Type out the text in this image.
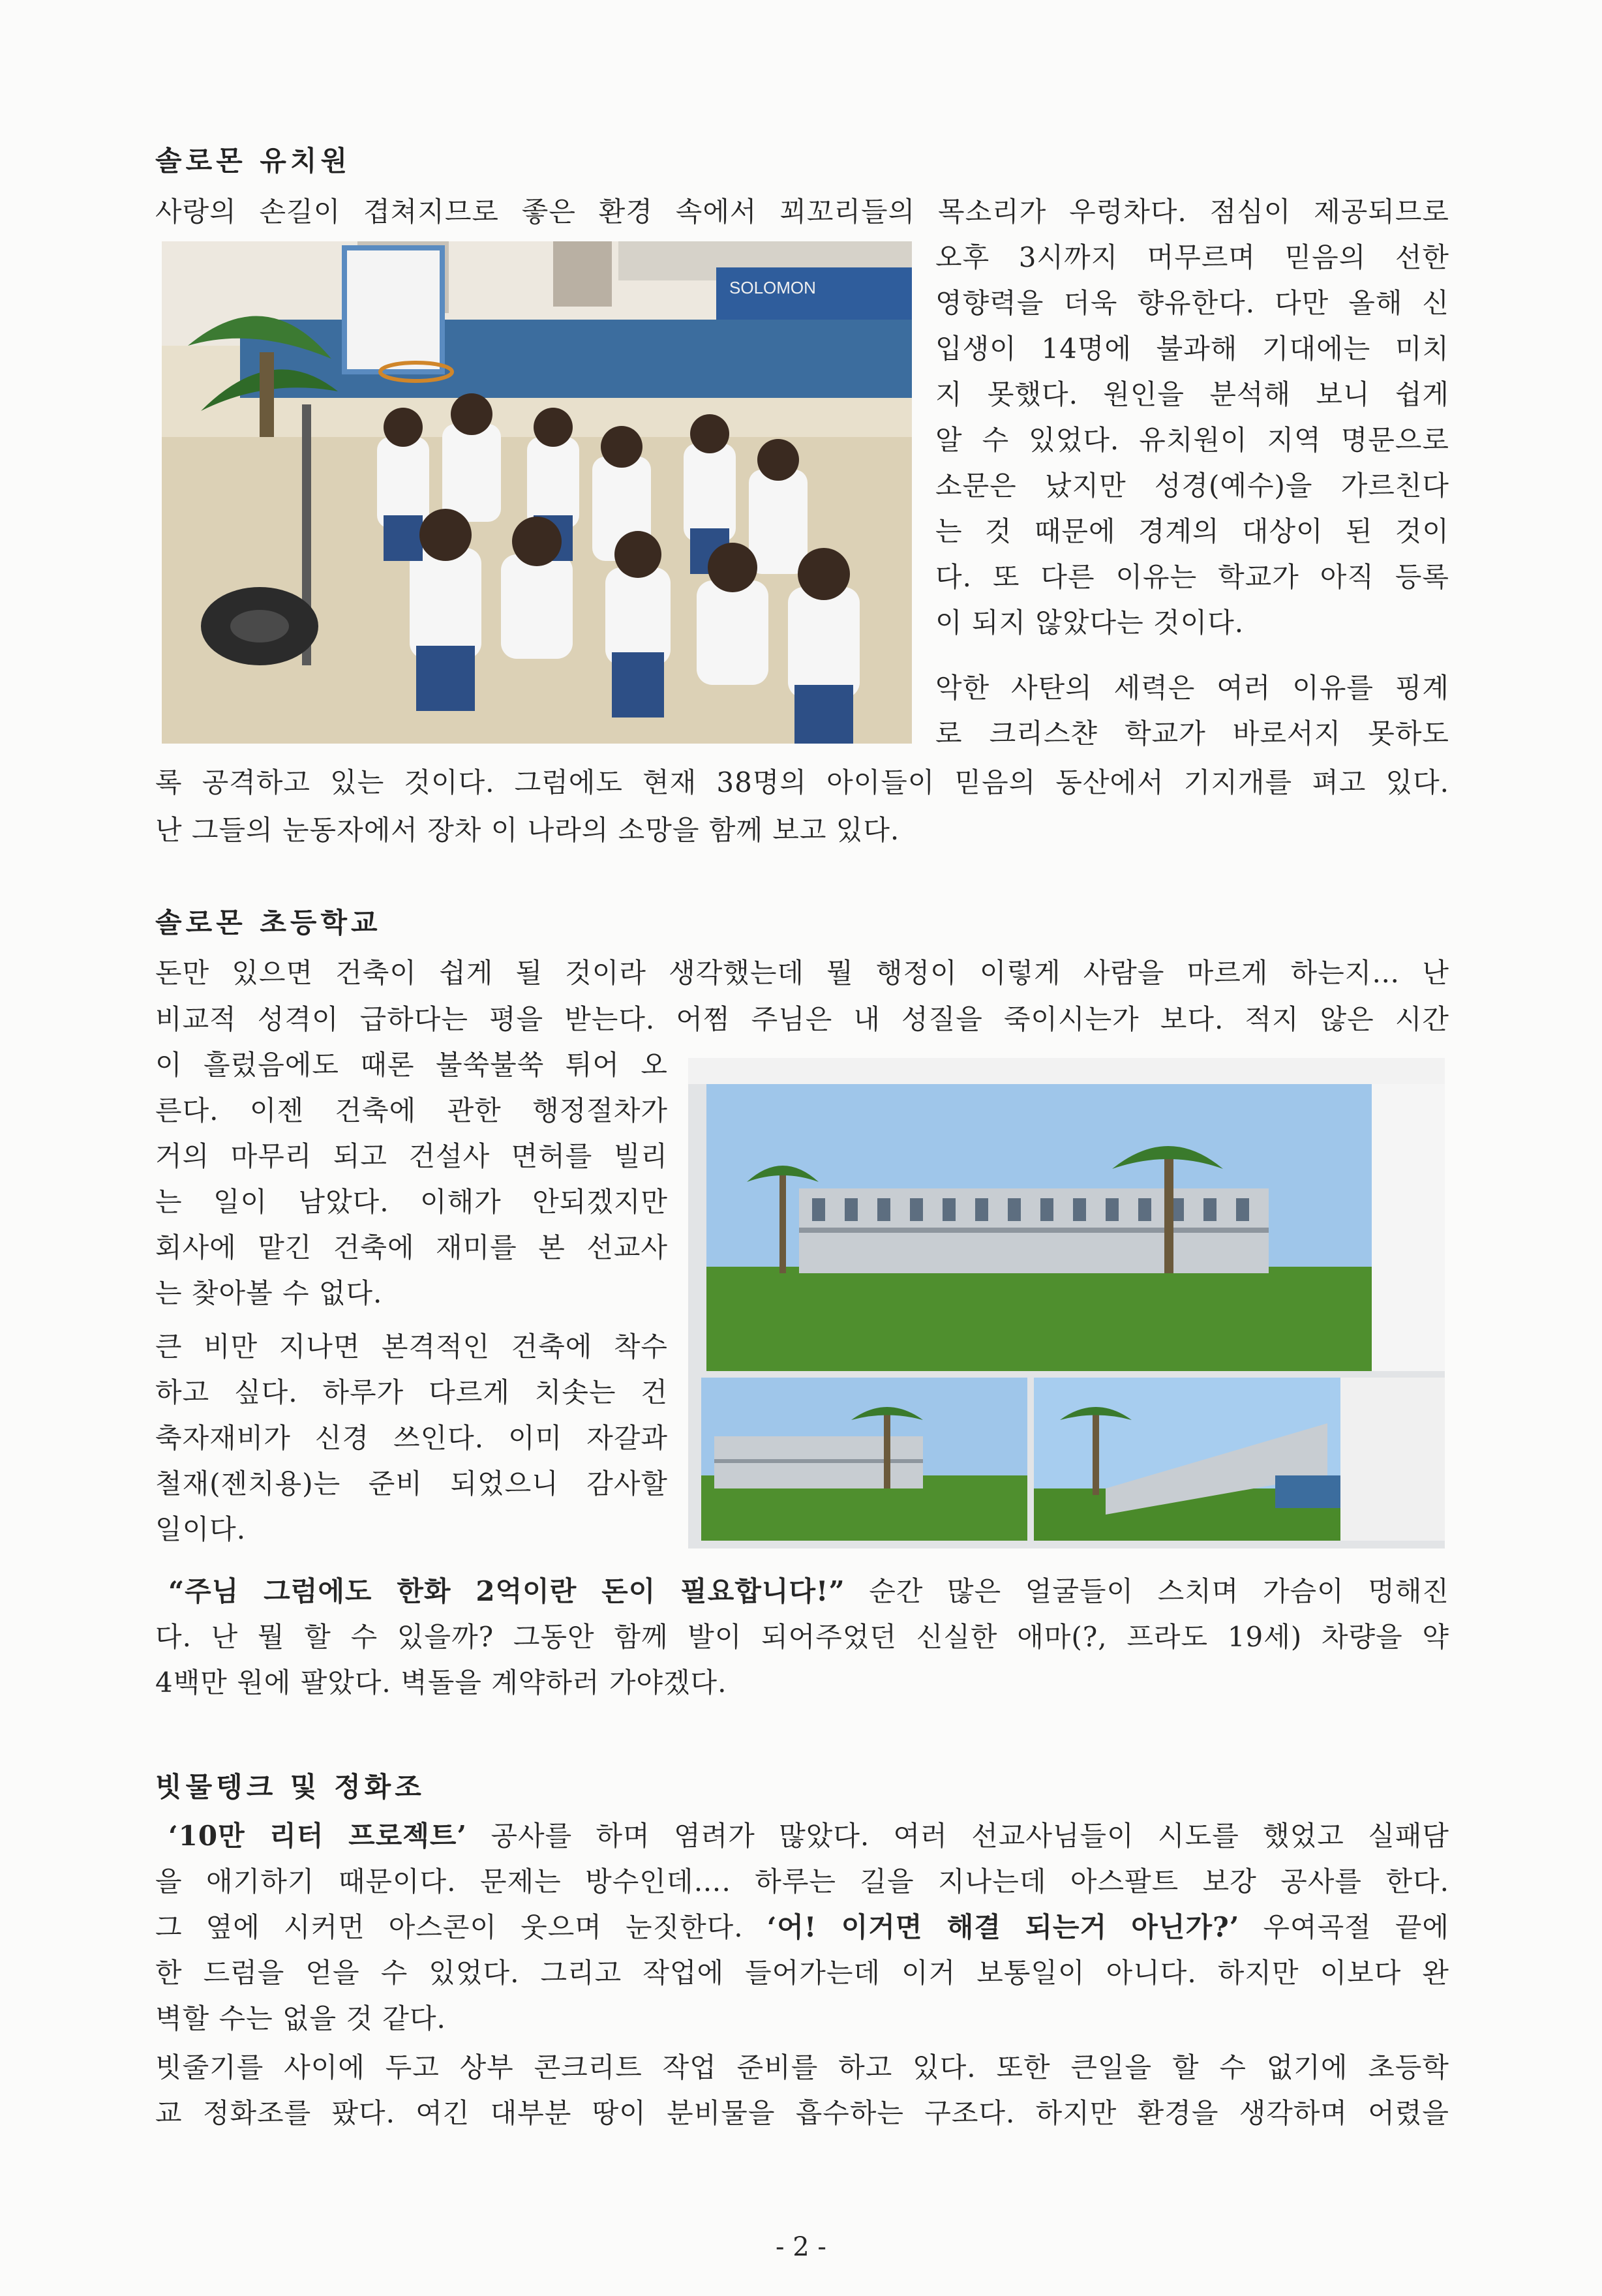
솔로몬 유치원

사랑의 손길이 겹쳐지므로 좋은 환경 속에서 꾀꼬리들의 목소리가 우렁차다. 점심이 제공되므로

오후 3시까지 머무르며 믿음의 선한

영향력을 더욱 향유한다. 다만 올해 신

입생이 14명에 불과해 기대에는 미치

지 못했다. 원인을 분석해 보니 쉽게

알 수 있었다. 유치원이 지역 명문으로

소문은 났지만 성경(예수)을 가르친다

는 것 때문에 경계의 대상이 된 것이

다. 또 다른 이유는 학교가 아직 등록

이 되지 않았다는 것이다.

악한 사탄의 세력은 여러 이유를 핑계

로 크리스챤 학교가 바로서지 못하도

록 공격하고 있는 것이다. 그럼에도 현재 38명의 아이들이 믿음의 동산에서 기지개를 펴고 있다.

난 그들의 눈동자에서 장차 이 나라의 소망을 함께 보고 있다.

SOLOMON
솔로몬 초등학교

돈만 있으면 건축이 쉽게 될 것이라 생각했는데 뭘 행정이 이렇게 사람을 마르게 하는지… 난

비교적 성격이 급하다는 평을 받는다. 어쩜 주님은 내 성질을 죽이시는가 보다. 적지 않은 시간

이 흘렀음에도 때론 불쑥불쑥 튀어 오

른다. 이젠 건축에 관한 행정절차가

거의 마무리 되고 건설사 면허를 빌리

는 일이 남았다. 이해가 안되겠지만

회사에 맡긴 건축에 재미를 본 선교사

는 찾아볼 수 없다.

큰 비만 지나면 본격적인 건축에 착수

하고 싶다. 하루가 다르게 치솟는 건

축자재비가 신경 쓰인다. 이미 자갈과

철재(젠치용)는 준비 되었으니 감사할

일이다.

“주님 그럼에도 한화 2억이란 돈이 필요합니다!” 순간 많은 얼굴들이 스치며 가슴이 멍해진

다. 난 뭘 할 수 있을까? 그동안 함께 발이 되어주었던 신실한 애마(?, 프라도 19세) 차량을 약

4백만 원에 팔았다. 벽돌을 계약하러 가야겠다.

빗물텡크 및 정화조

‘10만 리터 프로젝트’ 공사를 하며 염려가 많았다. 여러 선교사님들이 시도를 했었고 실패담

을 애기하기 때문이다. 문제는 방수인데…. 하루는 길을 지나는데 아스팔트 보강 공사를 한다.

그 옆에 시커먼 아스콘이 웃으며 눈짓한다. ‘어! 이거면 해결 되는거 아닌가?’ 우여곡절 끝에

한 드럼을 얻을 수 있었다. 그리고 작업에 들어가는데 이거 보통일이 아니다. 하지만 이보다 완

벽할 수는 없을 것 같다.

빗줄기를 사이에 두고 상부 콘크리트 작업 준비를 하고 있다. 또한 큰일을 할 수 없기에 초등학

교 정화조를 팠다. 여긴 대부분 땅이 분비물을 흡수하는 구조다. 하지만 환경을 생각하며 어렸을

- 2 -
